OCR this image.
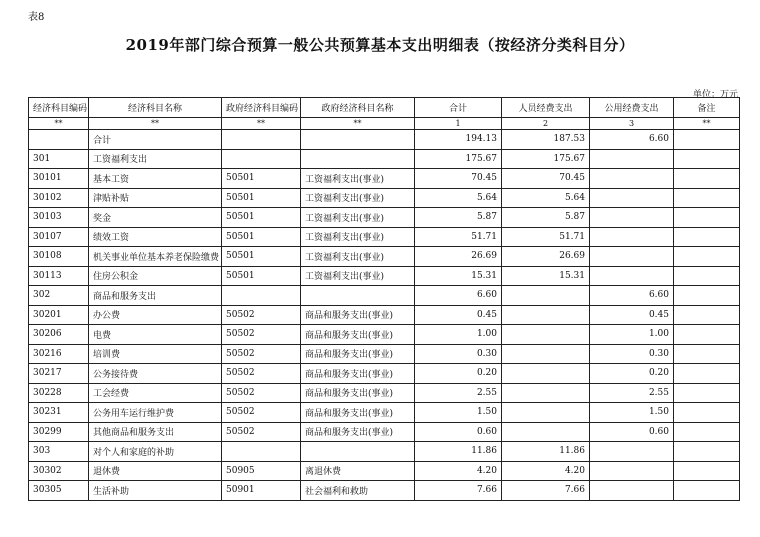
表8
2019年部门综合预算一般公共预算基本支出明细表（按经济分类科目分）
单位：万元
经济科目编码	经济科目名称	政府经济科目编码	政府经济科目名称	合计	人员经费支出	公用经费支出	备注
**	**	**	**	1	2	3	**
	合计			194.13	187.53	6.60	
301	工资福利支出			175.67	175.67		
30101	基本工资	50501	工资福利支出(事业)	70.45	70.45		
30102	津贴补贴	50501	工资福利支出(事业)	5.64	5.64		
30103	奖金	50501	工资福利支出(事业)	5.87	5.87		
30107	绩效工资	50501	工资福利支出(事业)	51.71	51.71		
30108	机关事业单位基本养老保险缴费	50501	工资福利支出(事业)	26.69	26.69		
30113	住房公积金	50501	工资福利支出(事业)	15.31	15.31		
302	商品和服务支出			6.60		6.60	
30201	办公费	50502	商品和服务支出(事业)	0.45		0.45	
30206	电费	50502	商品和服务支出(事业)	1.00		1.00	
30216	培训费	50502	商品和服务支出(事业)	0.30		0.30	
30217	公务接待费	50502	商品和服务支出(事业)	0.20		0.20	
30228	工会经费	50502	商品和服务支出(事业)	2.55		2.55	
30231	公务用车运行维护费	50502	商品和服务支出(事业)	1.50		1.50	
30299	其他商品和服务支出	50502	商品和服务支出(事业)	0.60		0.60	
303	对个人和家庭的补助			11.86	11.86		
30302	退休费	50905	离退休费	4.20	4.20		
30305	生活补助	50901	社会福利和救助	7.66	7.66		
